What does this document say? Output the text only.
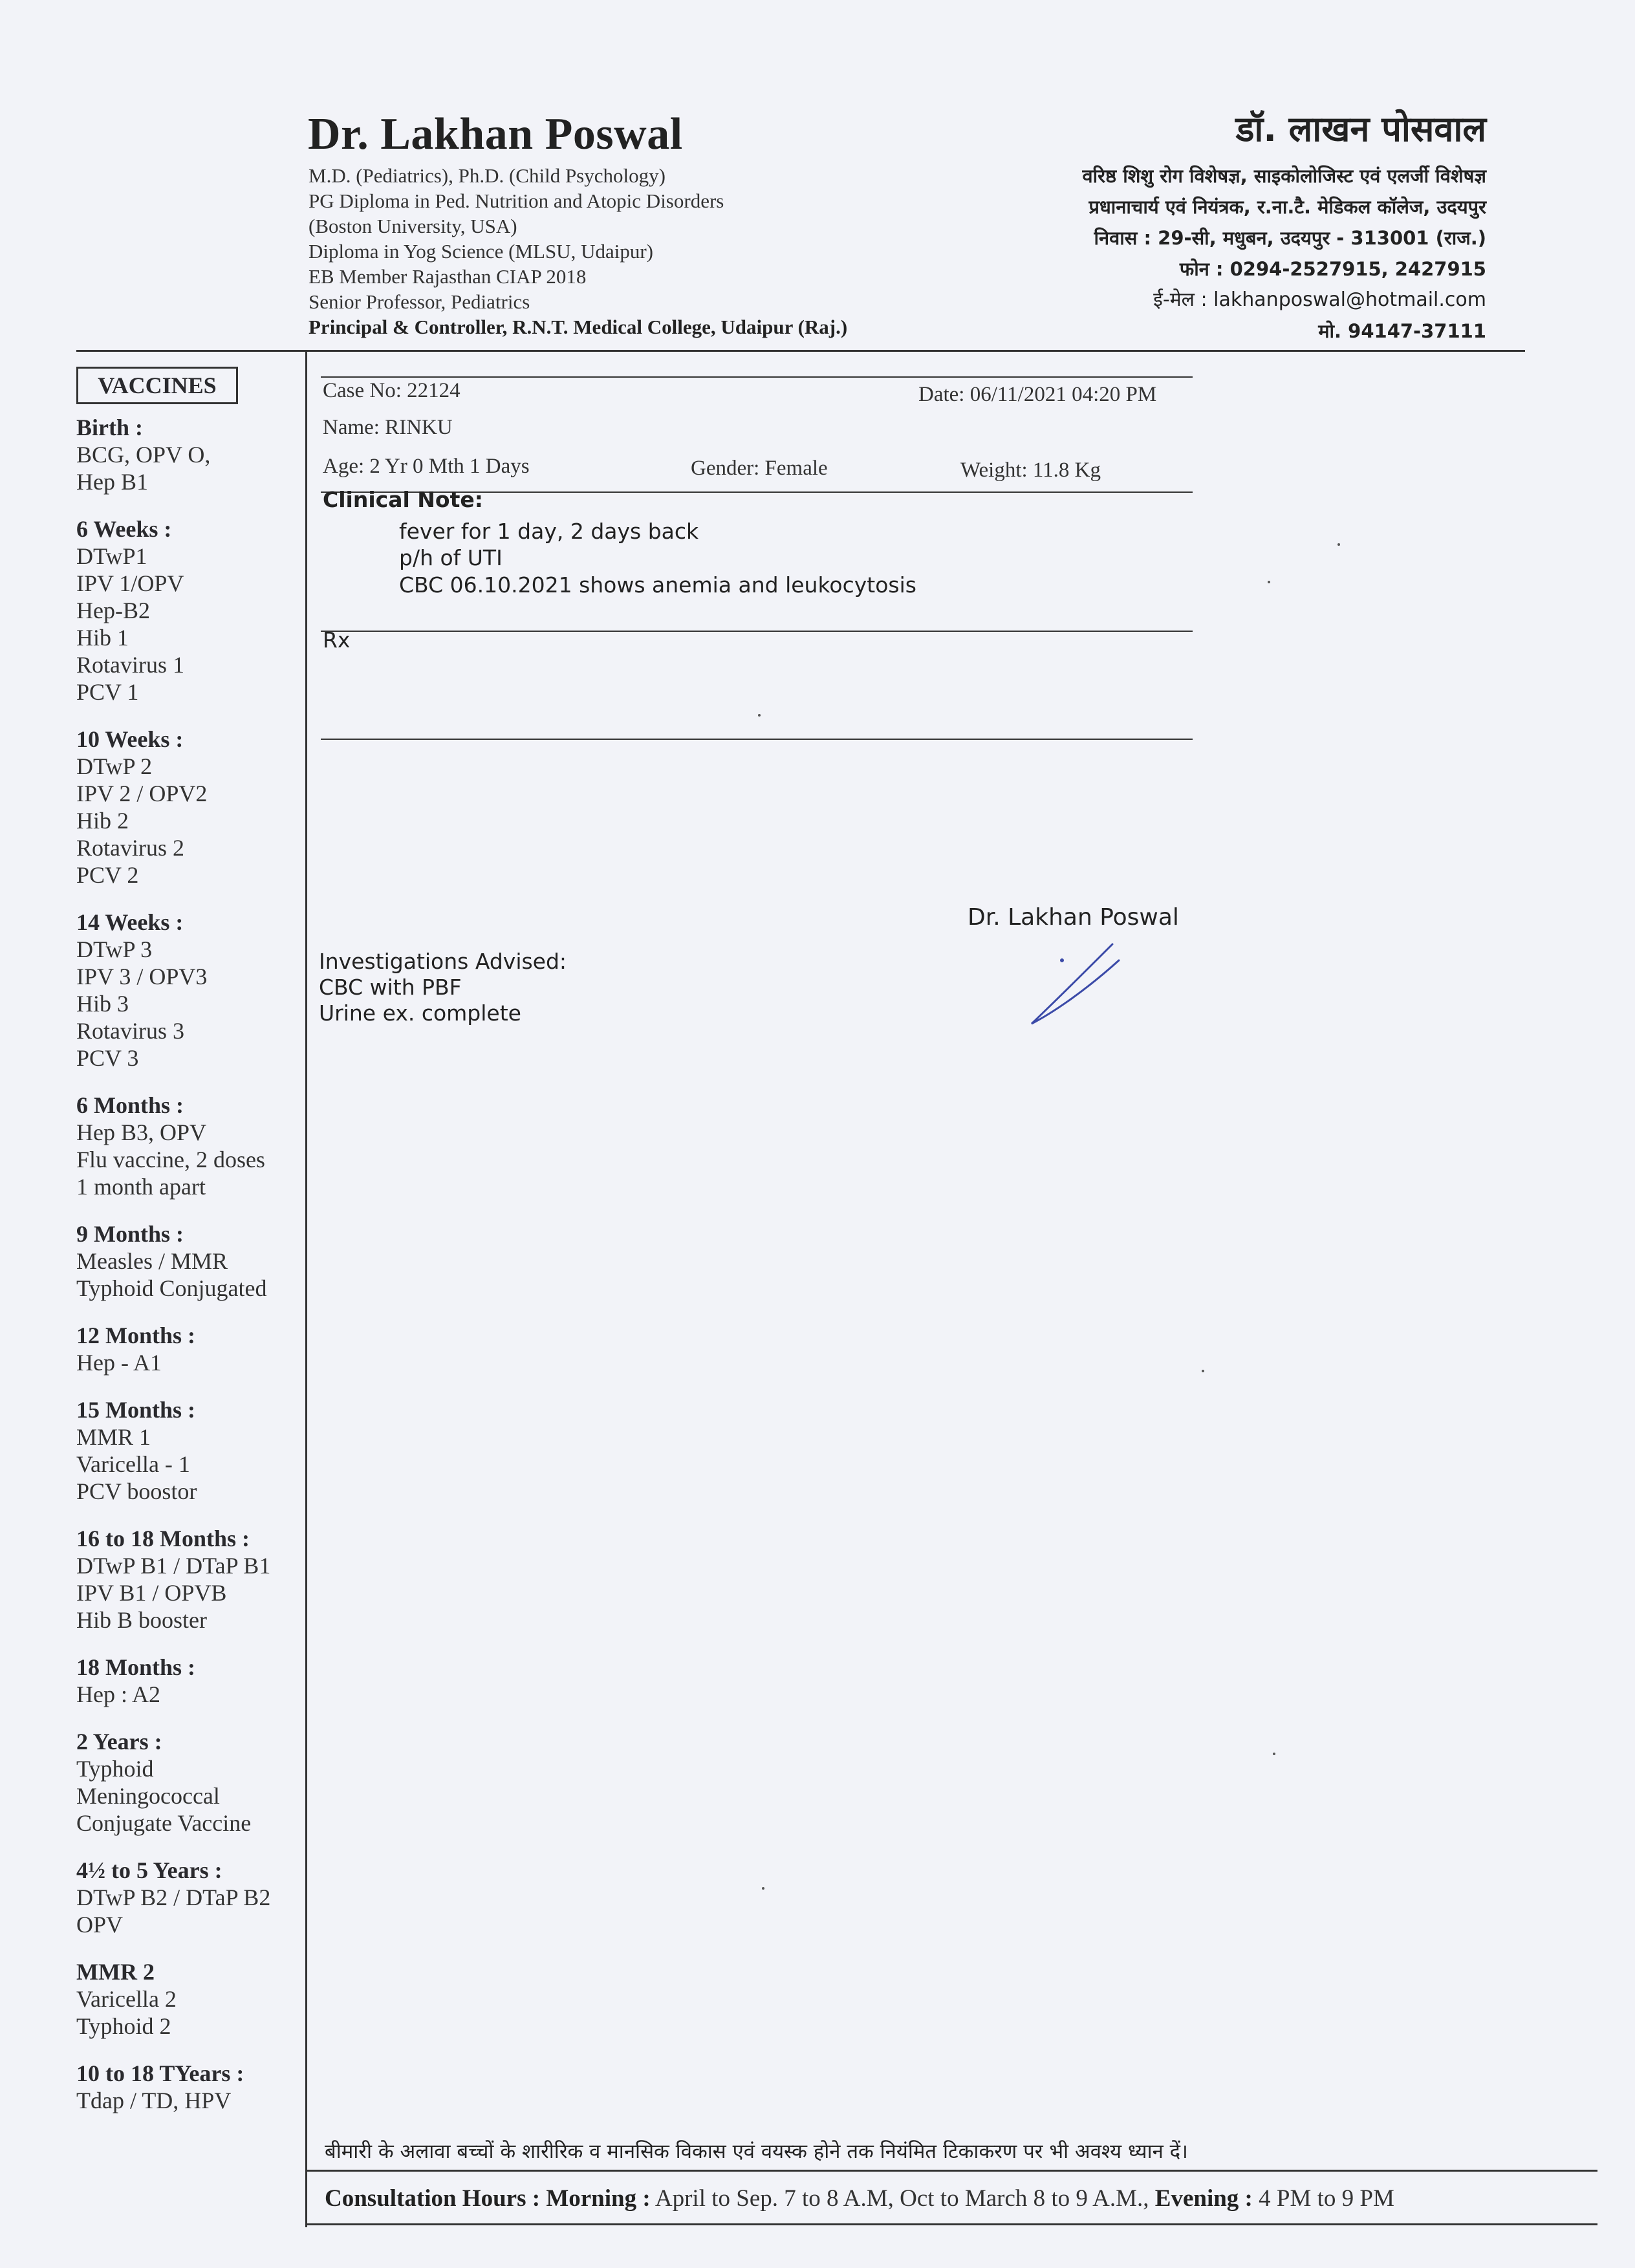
Dr. Lakhan Poswal
M.D. (Pediatrics), Ph.D. (Child Psychology)
PG Diploma in Ped. Nutrition and Atopic Disorders
(Boston University, USA)
Diploma in Yog Science (MLSU, Udaipur)
EB Member Rajasthan CIAP 2018
Senior Professor, Pediatrics
Principal & Controller, R.N.T. Medical College, Udaipur (Raj.)
डॉ. लाखन पोसवाल
वरिष्ठ शिशु रोग विशेषज्ञ, साइकोलोजिस्ट एवं एलर्जी विशेषज्ञ
प्रधानाचार्य एवं नियंत्रक, र.ना.टै. मेडिकल कॉलेज, उदयपुर
निवास : 29-सी, मधुबन, उदयपुर - 313001 (राज.)
फोन : 0294-2527915, 2427915
ई-मेल : lakhanposwal@hotmail.com
मो. 94147-37111
VACCINES
Birth :
BCG, OPV O,
Hep B1
6 Weeks :
DTwP1
IPV 1/OPV
Hep-B2
Hib 1
Rotavirus 1
PCV 1
10 Weeks :
DTwP 2
IPV 2 / OPV2
Hib 2
Rotavirus 2
PCV 2
14 Weeks :
DTwP 3
IPV 3 / OPV3
Hib 3
Rotavirus 3
PCV 3
6 Months :
Hep B3, OPV
Flu vaccine, 2 doses
1 month apart
9 Months :
Measles / MMR
Typhoid Conjugated
12 Months :
Hep - A1
15 Months :
MMR 1
Varicella - 1
PCV boostor
16 to 18 Months :
DTwP B1 / DTaP B1
IPV B1 / OPVB
Hib B booster
18 Months :
Hep : A2
2 Years :
Typhoid
Meningococcal
Conjugate Vaccine
4½ to 5 Years :
DTwP B2 / DTaP B2
OPV
MMR 2
Varicella 2
Typhoid 2
10 to 18 TYears :
Tdap / TD, HPV
Case No: 22124	Date: 06/11/2021 04:20 PM
Name: RINKU
Age: 2 Yr 0 Mth 1 Days	Gender: Female	Weight: 11.8 Kg
Clinical Note:
fever for 1 day, 2 days back
p/h of UTI
CBC 06.10.2021 shows anemia and leukocytosis
Rx
Dr. Lakhan Poswal
Investigations Advised:
CBC with PBF
Urine ex. complete
बीमारी के अलावा बच्चों के शारीरिक व मानसिक विकास एवं वयस्क होने तक नियंमित टिकाकरण पर भी अवश्य ध्यान दें।
Consultation Hours : Morning : April to Sep. 7 to 8 A.M, Oct to March 8 to 9 A.M., Evening : 4 PM to 9 PM
